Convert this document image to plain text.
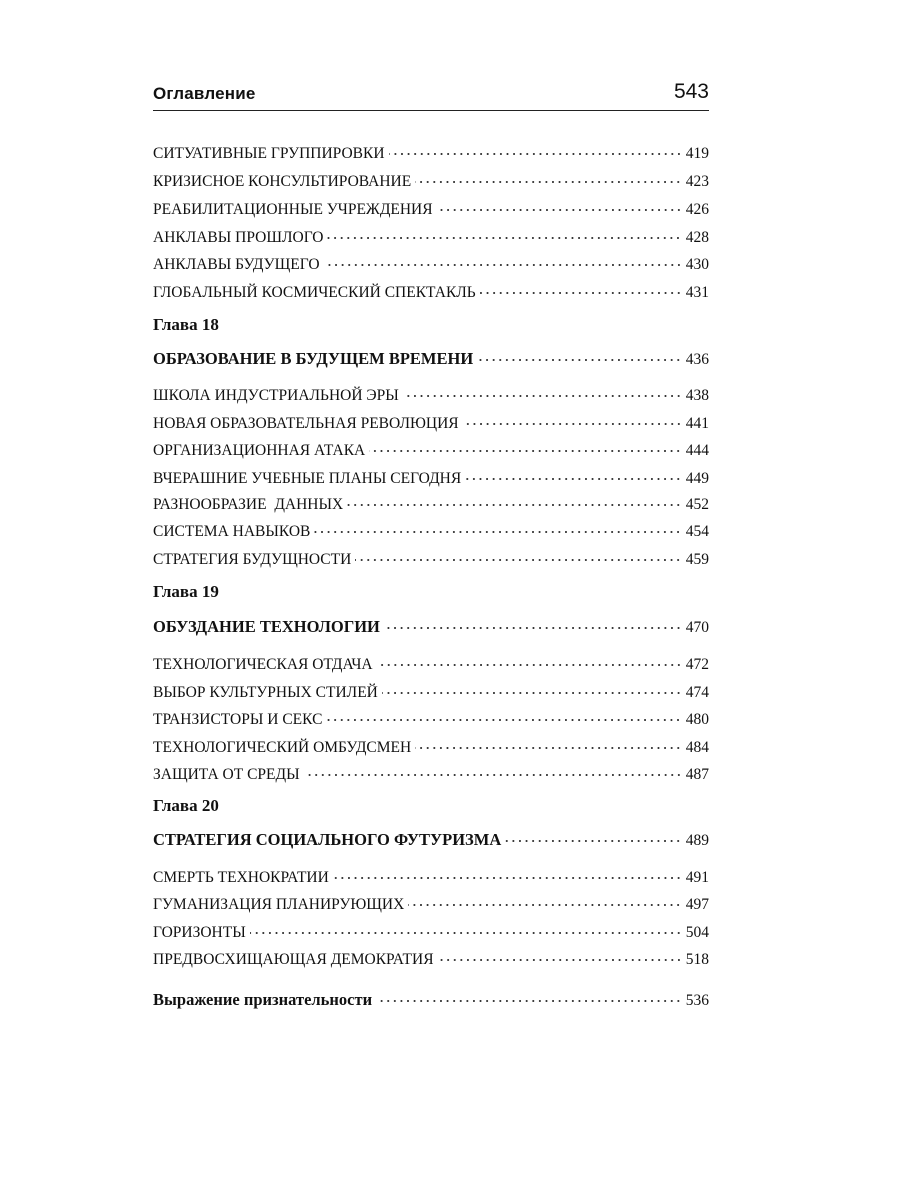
Оглавление	543
СИТУАТИВНЫЕ ГРУППИРОВКИ	419
КРИЗИСНОЕ КОНСУЛЬТИРОВАНИЕ	423
РЕАБИЛИТАЦИОННЫЕ УЧРЕЖДЕНИЯ	426
АНКЛАВЫ ПРОШЛОГО	428
АНКЛАВЫ БУДУЩЕГО	430
ГЛОБАЛЬНЫЙ КОСМИЧЕСКИЙ СПЕКТАКЛЬ	431
Глава 18
ОБРАЗОВАНИЕ В БУДУЩЕМ ВРЕМЕНИ	436
ШКОЛА ИНДУСТРИАЛЬНОЙ ЭРЫ	438
НОВАЯ ОБРАЗОВАТЕЛЬНАЯ РЕВОЛЮЦИЯ	441
ОРГАНИЗАЦИОННАЯ АТАКА	444
ВЧЕРАШНИЕ УЧЕБНЫЕ ПЛАНЫ СЕГОДНЯ	449
РАЗНООБРАЗИЕ  ДАННЫХ	452
СИСТЕМА НАВЫКОВ	454
СТРАТЕГИЯ БУДУЩНОСТИ	459
Глава 19
ОБУЗДАНИЕ ТЕХНОЛОГИИ	470
ТЕХНОЛОГИЧЕСКАЯ ОТДАЧА	472
ВЫБОР КУЛЬТУРНЫХ СТИЛЕЙ	474
ТРАНЗИСТОРЫ И СЕКС	480
ТЕХНОЛОГИЧЕСКИЙ ОМБУДСМЕН	484
ЗАЩИТА ОТ СРЕДЫ	487
Глава 20
СТРАТЕГИЯ СОЦИАЛЬНОГО ФУТУРИЗМА	489
СМЕРТЬ ТЕХНОКРАТИИ	491
ГУМАНИЗАЦИЯ ПЛАНИРУЮЩИХ	497
ГОРИЗОНТЫ	504
ПРЕДВОСХИЩАЮЩАЯ ДЕМОКРАТИЯ	518
Выражение признательности	536
